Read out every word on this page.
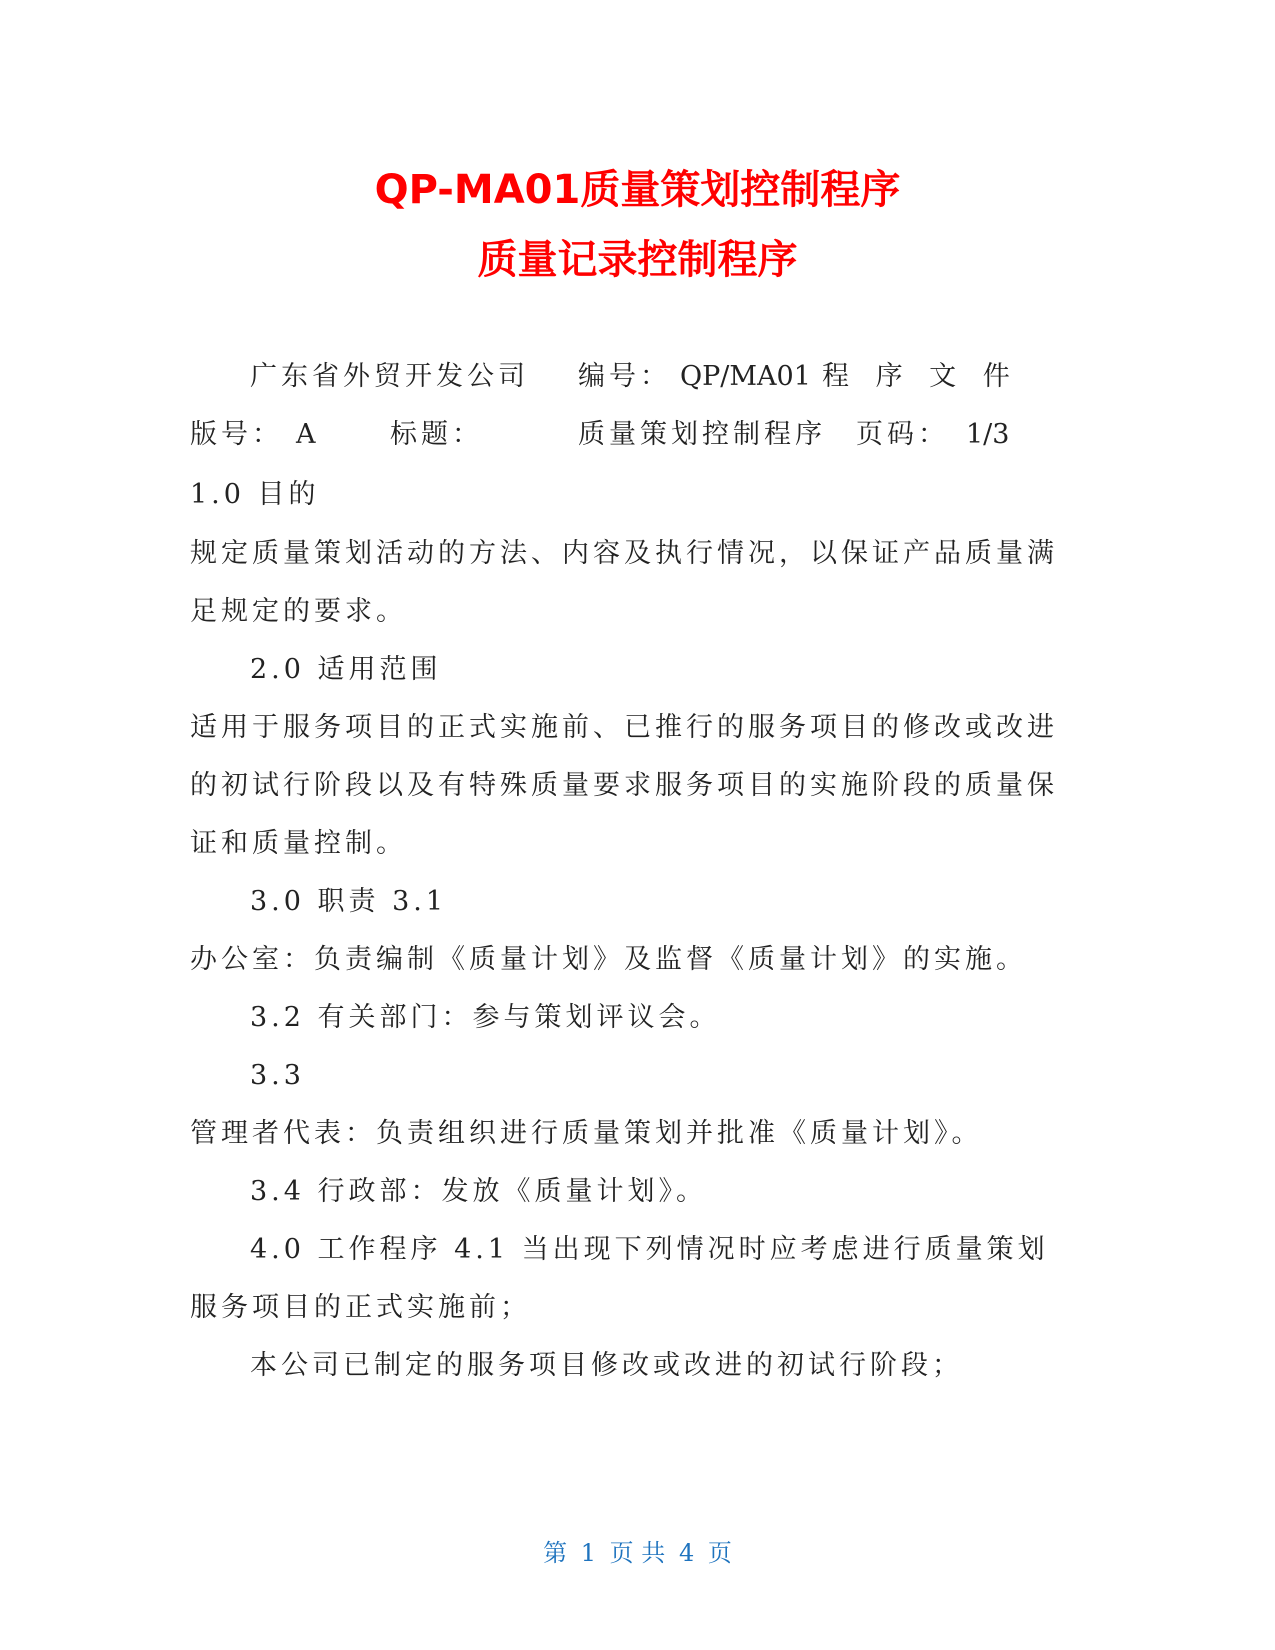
QP-MA01质量策划控制程序
质量记录控制程序
广东省外贸开发公司 编号： QP/MA01 程 序 文 件
版号： A	标题：	质量策划控制程序 页码： 1/3
1.0 目的
规定质量策划活动的方法、内容及执行情况，以保证产品质量满
足规定的要求。
2.0 适用范围
适用于服务项目的正式实施前、已推行的服务项目的修改或改进
的初试行阶段以及有特殊质量要求服务项目的实施阶段的质量保
证和质量控制。
3.0 职责 3.1
办公室：负责编制《质量计划》及监督《质量计划》的实施。
3.2 有关部门：参与策划评议会。
3.3
管理者代表：负责组织进行质量策划并批准《质量计划》。
3.4 行政部：发放《质量计划》。
4.0 工作程序 4.1 当出现下列情况时应考虑进行质量策划
服务项目的正式实施前；
本公司已制定的服务项目修改或改进的初试行阶段；
第 1 页 共 4 页
